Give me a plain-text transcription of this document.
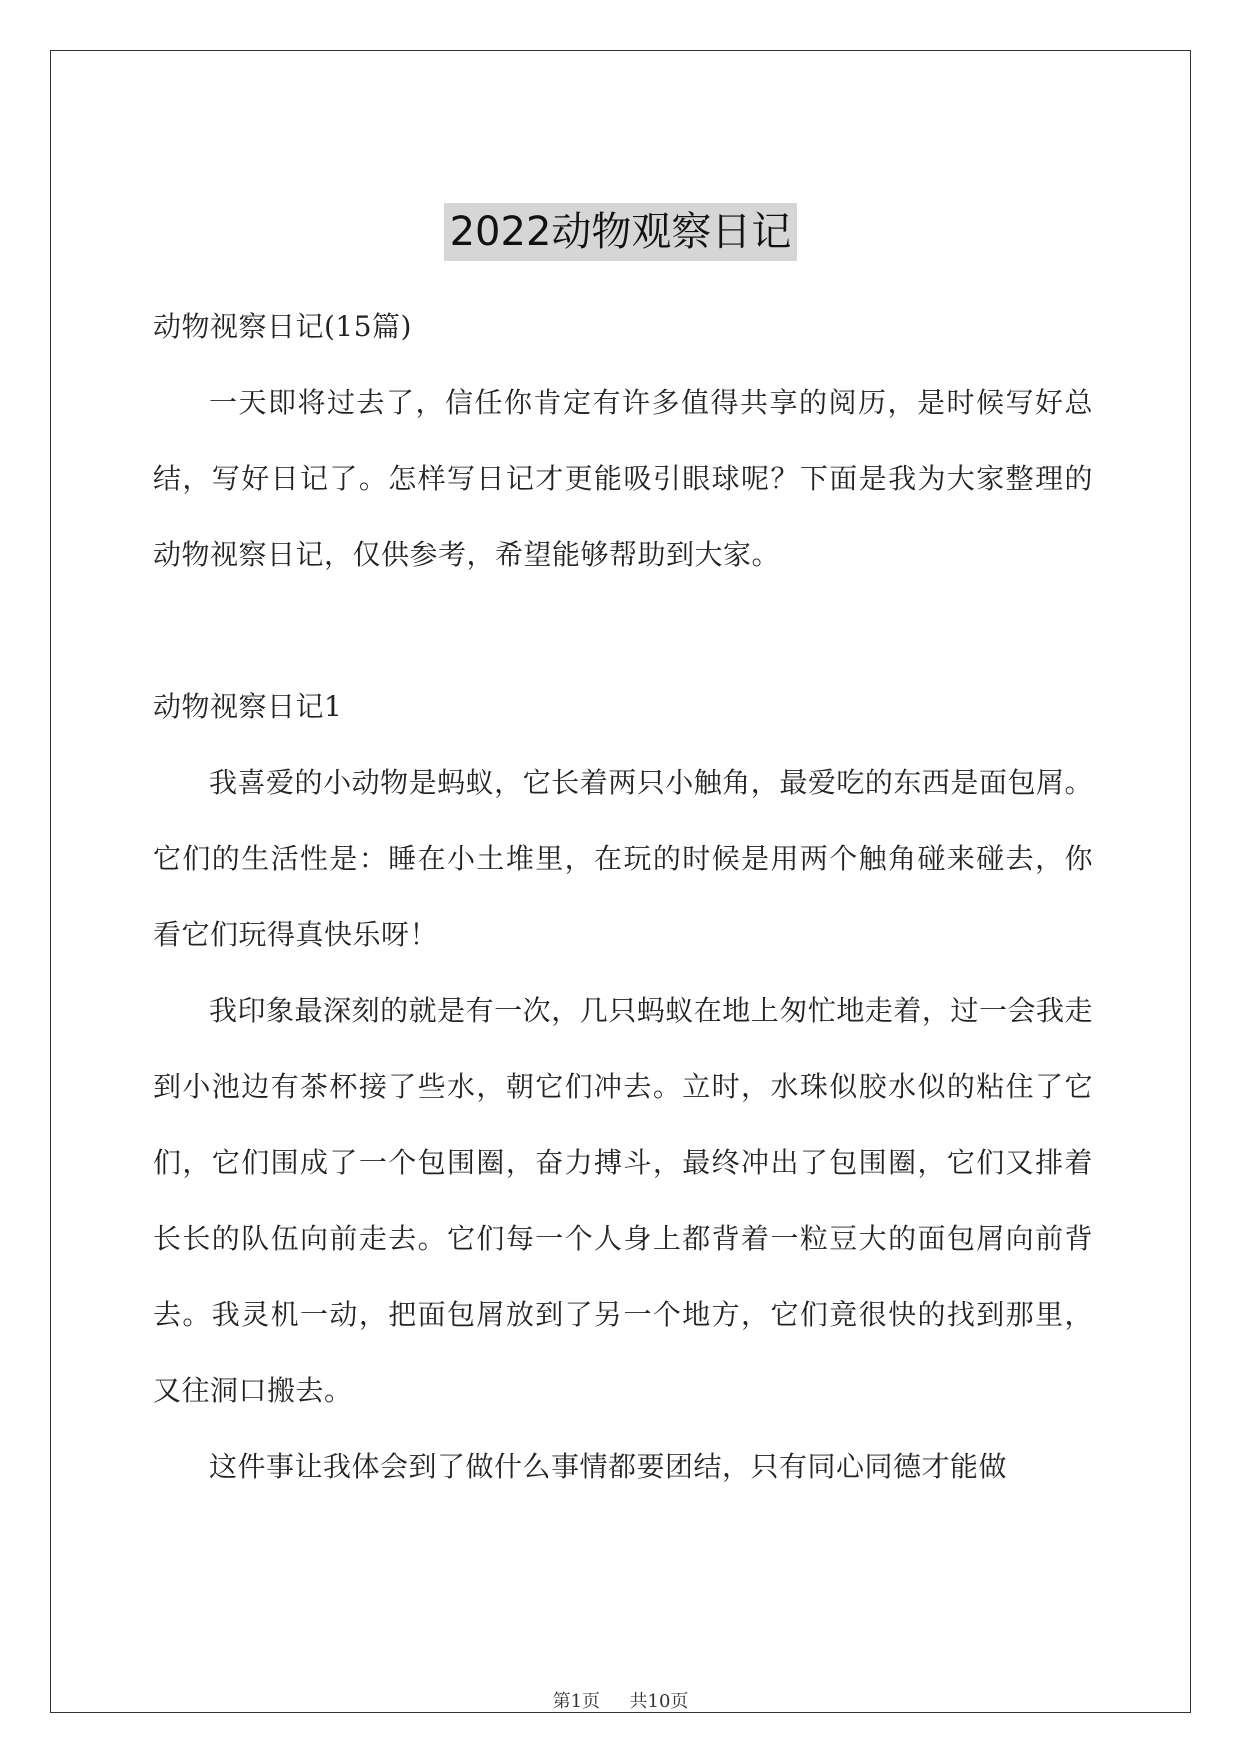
2022动物观察日记

动物视察日记(15篇)

一天即将过去了，信任你肯定有许多值得共享的阅历，是时候写好总结，写好日记了。怎样写日记才更能吸引眼球呢？下面是我为大家整理的动物视察日记，仅供参考，希望能够帮助到大家。

动物视察日记1

我喜爱的小动物是蚂蚁，它长着两只小触角，最爱吃的东西是面包屑。它们的生活性是：睡在小土堆里，在玩的时候是用两个触角碰来碰去，你看它们玩得真快乐呀！

我印象最深刻的就是有一次，几只蚂蚁在地上匆忙地走着，过一会我走到小池边有茶杯接了些水，朝它们冲去。立时，水珠似胶水似的粘住了它们，它们围成了一个包围圈，奋力搏斗，最终冲出了包围圈，它们又排着长长的队伍向前走去。它们每一个人身上都背着一粒豆大的面包屑向前背去。我灵机一动，把面包屑放到了另一个地方，它们竟很快的找到那里，又往洞口搬去。

这件事让我体会到了做什么事情都要团结，只有同心同德才能做

第1页 共10页
